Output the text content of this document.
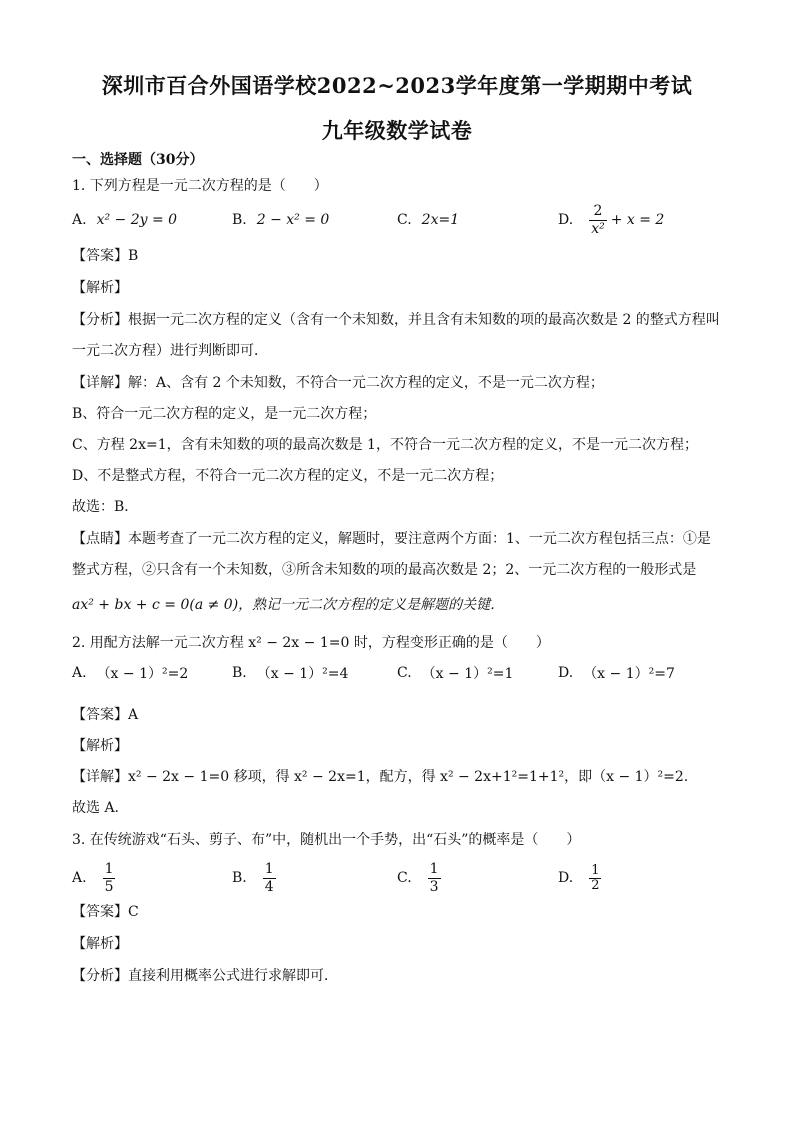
深圳市百合外国语学校2022~2023学年度第一学期期中考试
九年级数学试卷
一、选择题（30分）
1. 下列方程是一元二次方程的是（　　）
A. x² − 2y = 0	B. 2 − x² = 0	C. 2x=1	D. $\frac{2}{\text{x²}} + x = 2$
【答案】B
【解析】
【分析】根据一元二次方程的定义（含有一个未知数，并且含有未知数的项的最高次数是 2 的整式方程叫
一元二次方程）进行判断即可．
【详解】解：A、含有 2 个未知数，不符合一元二次方程的定义，不是一元二次方程；
B、符合一元二次方程的定义，是一元二次方程；
C、方程 2x=1，含有未知数的项的最高次数是 1，不符合一元二次方程的定义，不是一元二次方程；
D、不是整式方程，不符合一元二次方程的定义，不是一元二次方程；
故选：B．
【点睛】本题考查了一元二次方程的定义，解题时，要注意两个方面：1、一元二次方程包括三点：①是
整式方程，②只含有一个未知数，③所含未知数的项的最高次数是 2；2、一元二次方程的一般形式是
ax² + bx + c = 0(a ≠ 0)，熟记一元二次方程的定义是解题的关键．
2. 用配方法解一元二次方程 x² − 2x − 1=0 时，方程变形正确的是（　　）
A. （x − 1）²=2	B. （x − 1）²=4	C. （x − 1）²=1	D. （x − 1）²=7
【答案】A
【解析】
【详解】x² − 2x − 1=0 移项，得 x² − 2x=1，配方，得 x² − 2x+1²=1+1²，即（x − 1）²=2.
故选 A.
3. 在传统游戏“石头、剪子、布”中，随机出一个手势，出“石头”的概率是（　　）
A. $\frac{1}{5}$	B. $\frac{1}{4}$	C. $\frac{1}{3}$	D. $\frac{1}{2}$
【答案】C
【解析】
【分析】直接利用概率公式进行求解即可．
